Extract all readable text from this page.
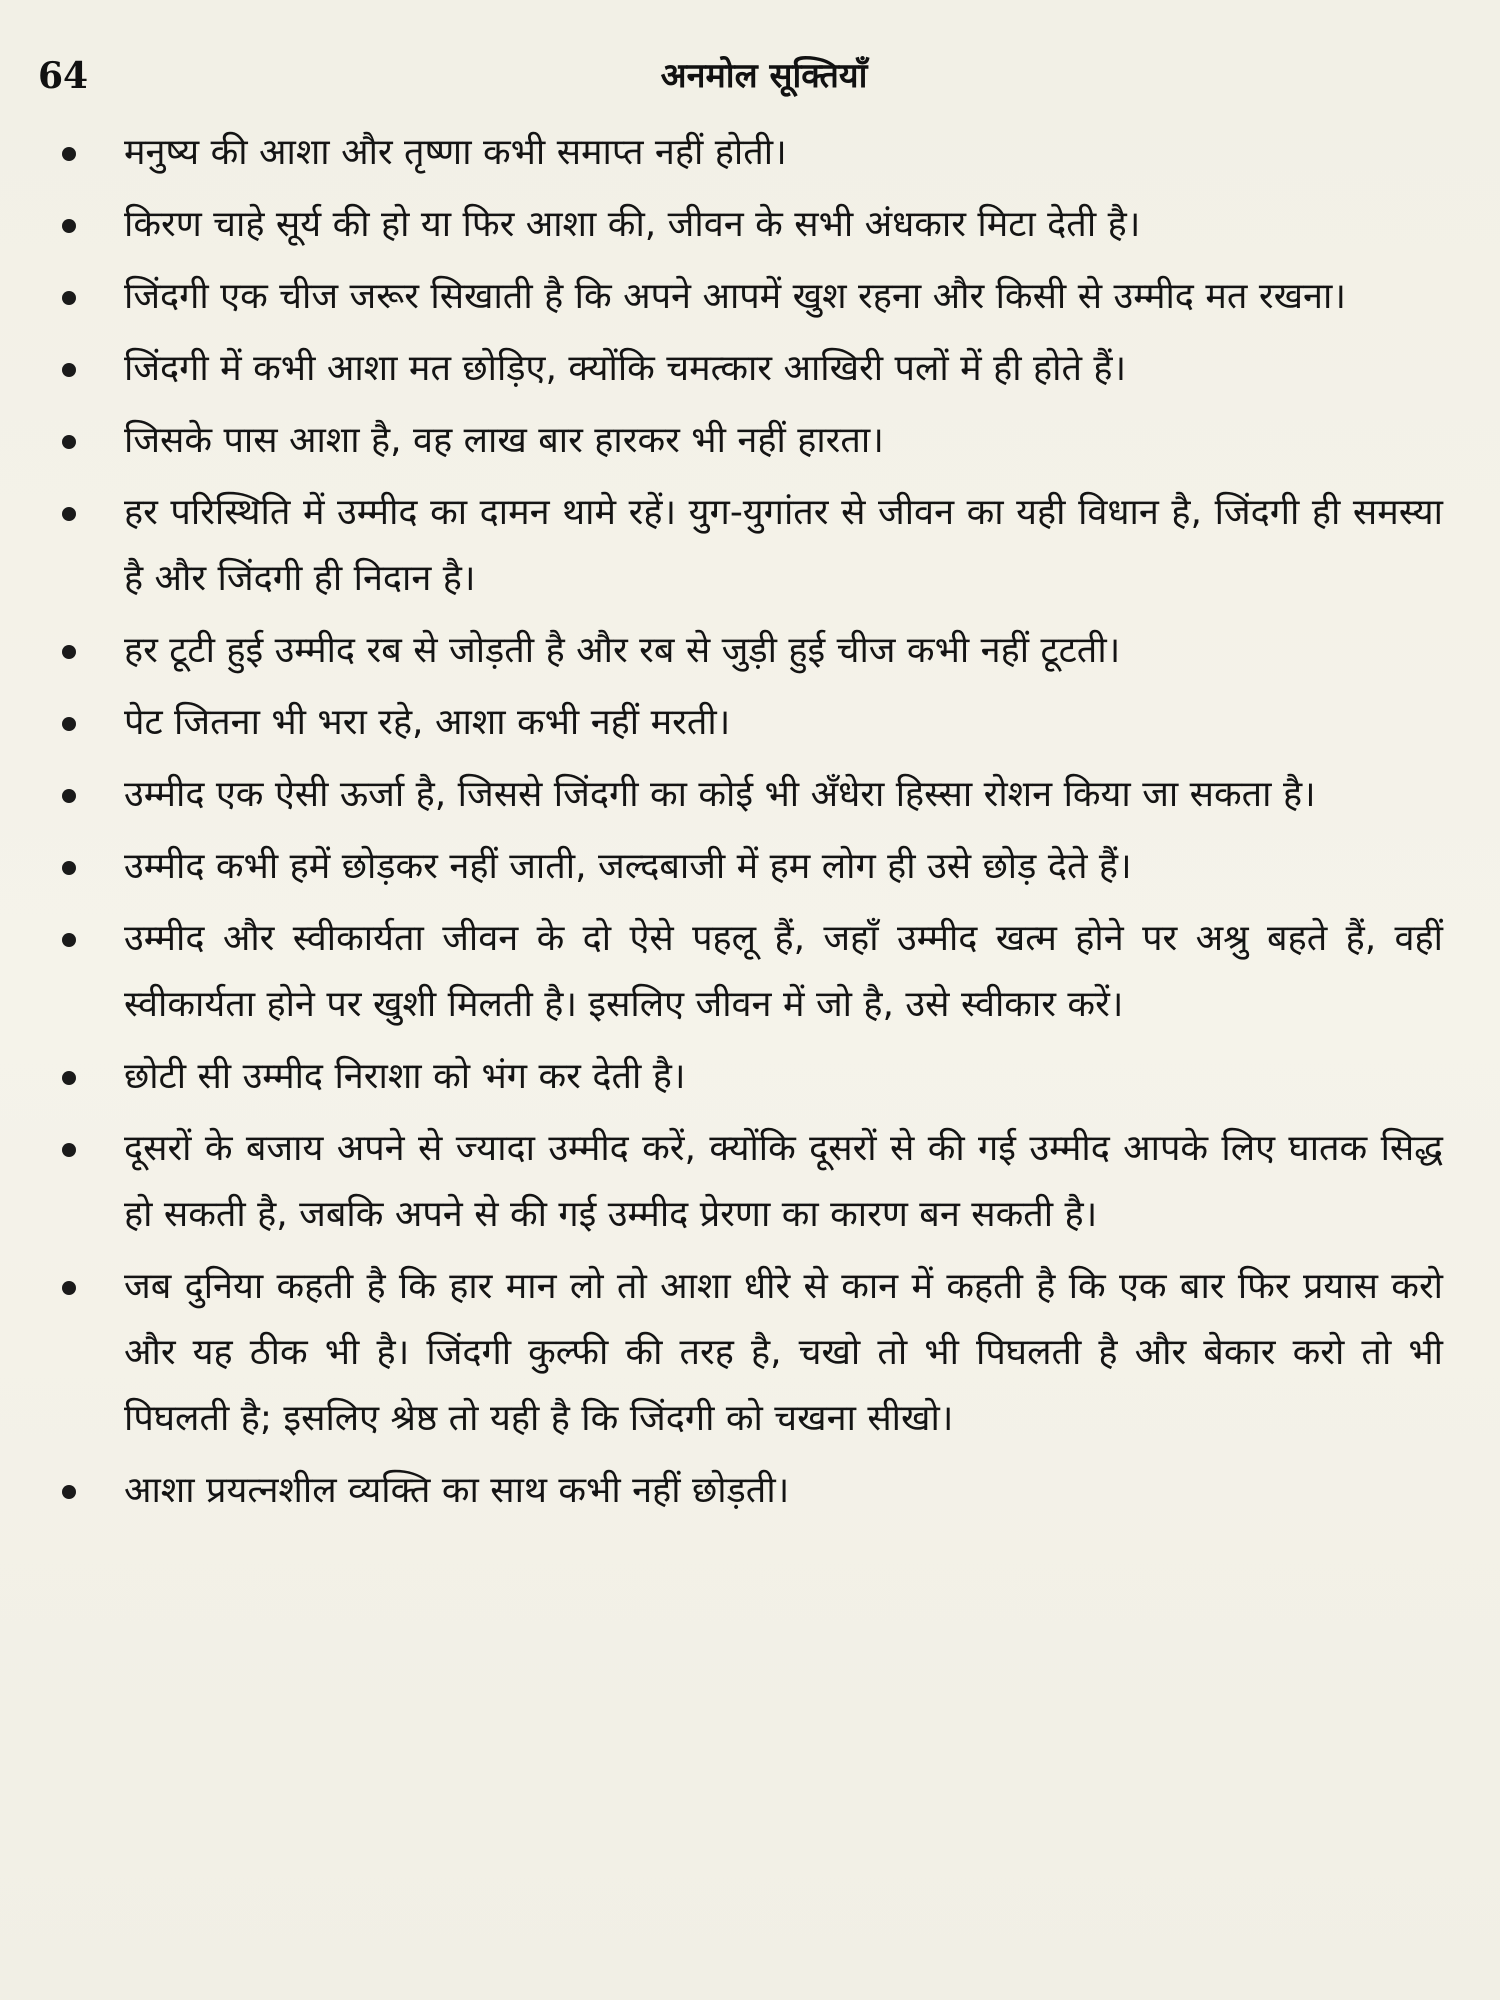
64	अनमोल सूक्तियाँ
मनुष्य की आशा और तृष्णा कभी समाप्त नहीं होती।
किरण चाहे सूर्य की हो या फिर आशा की, जीवन के सभी अंधकार मिटा देती है।
जिंदगी एक चीज जरूर सिखाती है कि अपने आपमें खुश रहना और किसी से उम्मीद मत रखना।
जिंदगी में कभी आशा मत छोड़िए, क्योंकि चमत्कार आखिरी पलों में ही होते हैं।
जिसके पास आशा है, वह लाख बार हारकर भी नहीं हारता।
हर परिस्थिति में उम्मीद का दामन थामे रहें। युग-युगांतर से जीवन का यही विधान है, जिंदगी ही समस्या है और जिंदगी ही निदान है।
हर टूटी हुई उम्मीद रब से जोड़ती है और रब से जुड़ी हुई चीज कभी नहीं टूटती।
पेट जितना भी भरा रहे, आशा कभी नहीं मरती।
उम्मीद एक ऐसी ऊर्जा है, जिससे जिंदगी का कोई भी अँधेरा हिस्सा रोशन किया जा सकता है।
उम्मीद कभी हमें छोड़कर नहीं जाती, जल्दबाजी में हम लोग ही उसे छोड़ देते हैं।
उम्मीद और स्वीकार्यता जीवन के दो ऐसे पहलू हैं, जहाँ उम्मीद खत्म होने पर अश्रु बहते हैं, वहीं स्वीकार्यता होने पर खुशी मिलती है। इसलिए जीवन में जो है, उसे स्वीकार करें।
छोटी सी उम्मीद निराशा को भंग कर देती है।
दूसरों के बजाय अपने से ज्यादा उम्मीद करें, क्योंकि दूसरों से की गई उम्मीद आपके लिए घातक सिद्ध हो सकती है, जबकि अपने से की गई उम्मीद प्रेरणा का कारण बन सकती है।
जब दुनिया कहती है कि हार मान लो तो आशा धीरे से कान में कहती है कि एक बार फिर प्रयास करो और यह ठीक भी है। जिंदगी कुल्फी की तरह है, चखो तो भी पिघलती है और बेकार करो तो भी पिघलती है; इसलिए श्रेष्ठ तो यही है कि जिंदगी को चखना सीखो।
आशा प्रयत्नशील व्यक्ति का साथ कभी नहीं छोड़ती।
